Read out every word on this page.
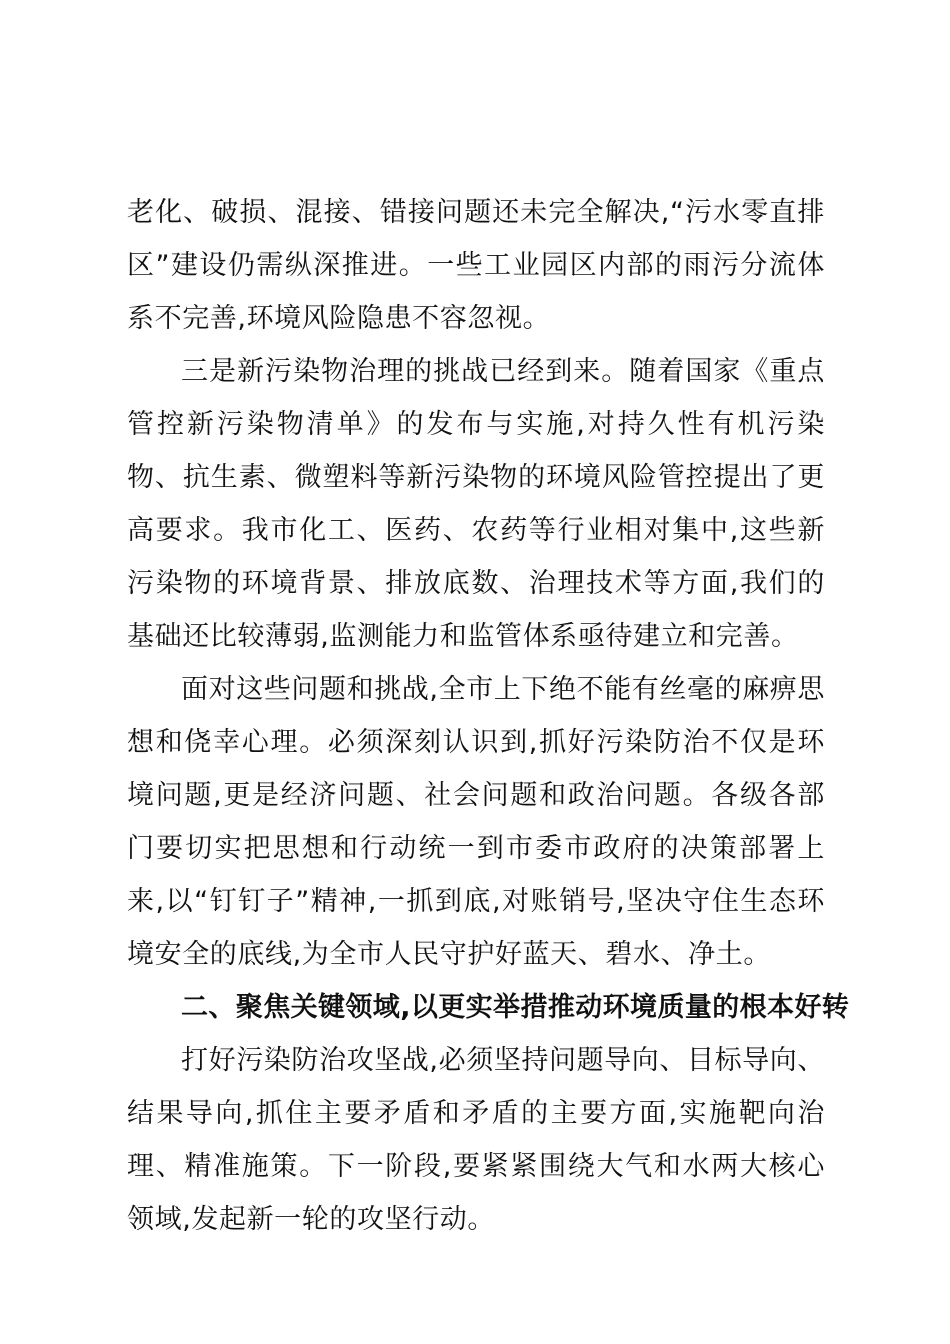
老化、破损、混接、错接问题还未完全解决,“污水零直排区”建设仍需纵深推进。一些工业园区内部的雨污分流体系不完善,环境风险隐患不容忽视。

三是新污染物治理的挑战已经到来。随着国家《重点管控新污染物清单》的发布与实施,对持久性有机污染物、抗生素、微塑料等新污染物的环境风险管控提出了更高要求。我市化工、医药、农药等行业相对集中,这些新污染物的环境背景、排放底数、治理技术等方面,我们的基础还比较薄弱,监测能力和监管体系亟待建立和完善。

面对这些问题和挑战,全市上下绝不能有丝毫的麻痹思想和侥幸心理。必须深刻认识到,抓好污染防治不仅是环境问题,更是经济问题、社会问题和政治问题。各级各部门要切实把思想和行动统一到市委市政府的决策部署上来,以“钉钉子”精神,一抓到底,对账销号,坚决守住生态环境安全的底线,为全市人民守护好蓝天、碧水、净土。

二、聚焦关键领域,以更实举措推动环境质量的根本好转

打好污染防治攻坚战,必须坚持问题导向、目标导向、结果导向,抓住主要矛盾和矛盾的主要方面,实施靶向治理、精准施策。下一阶段,要紧紧围绕大气和水两大核心领域,发起新一轮的攻坚行动。
